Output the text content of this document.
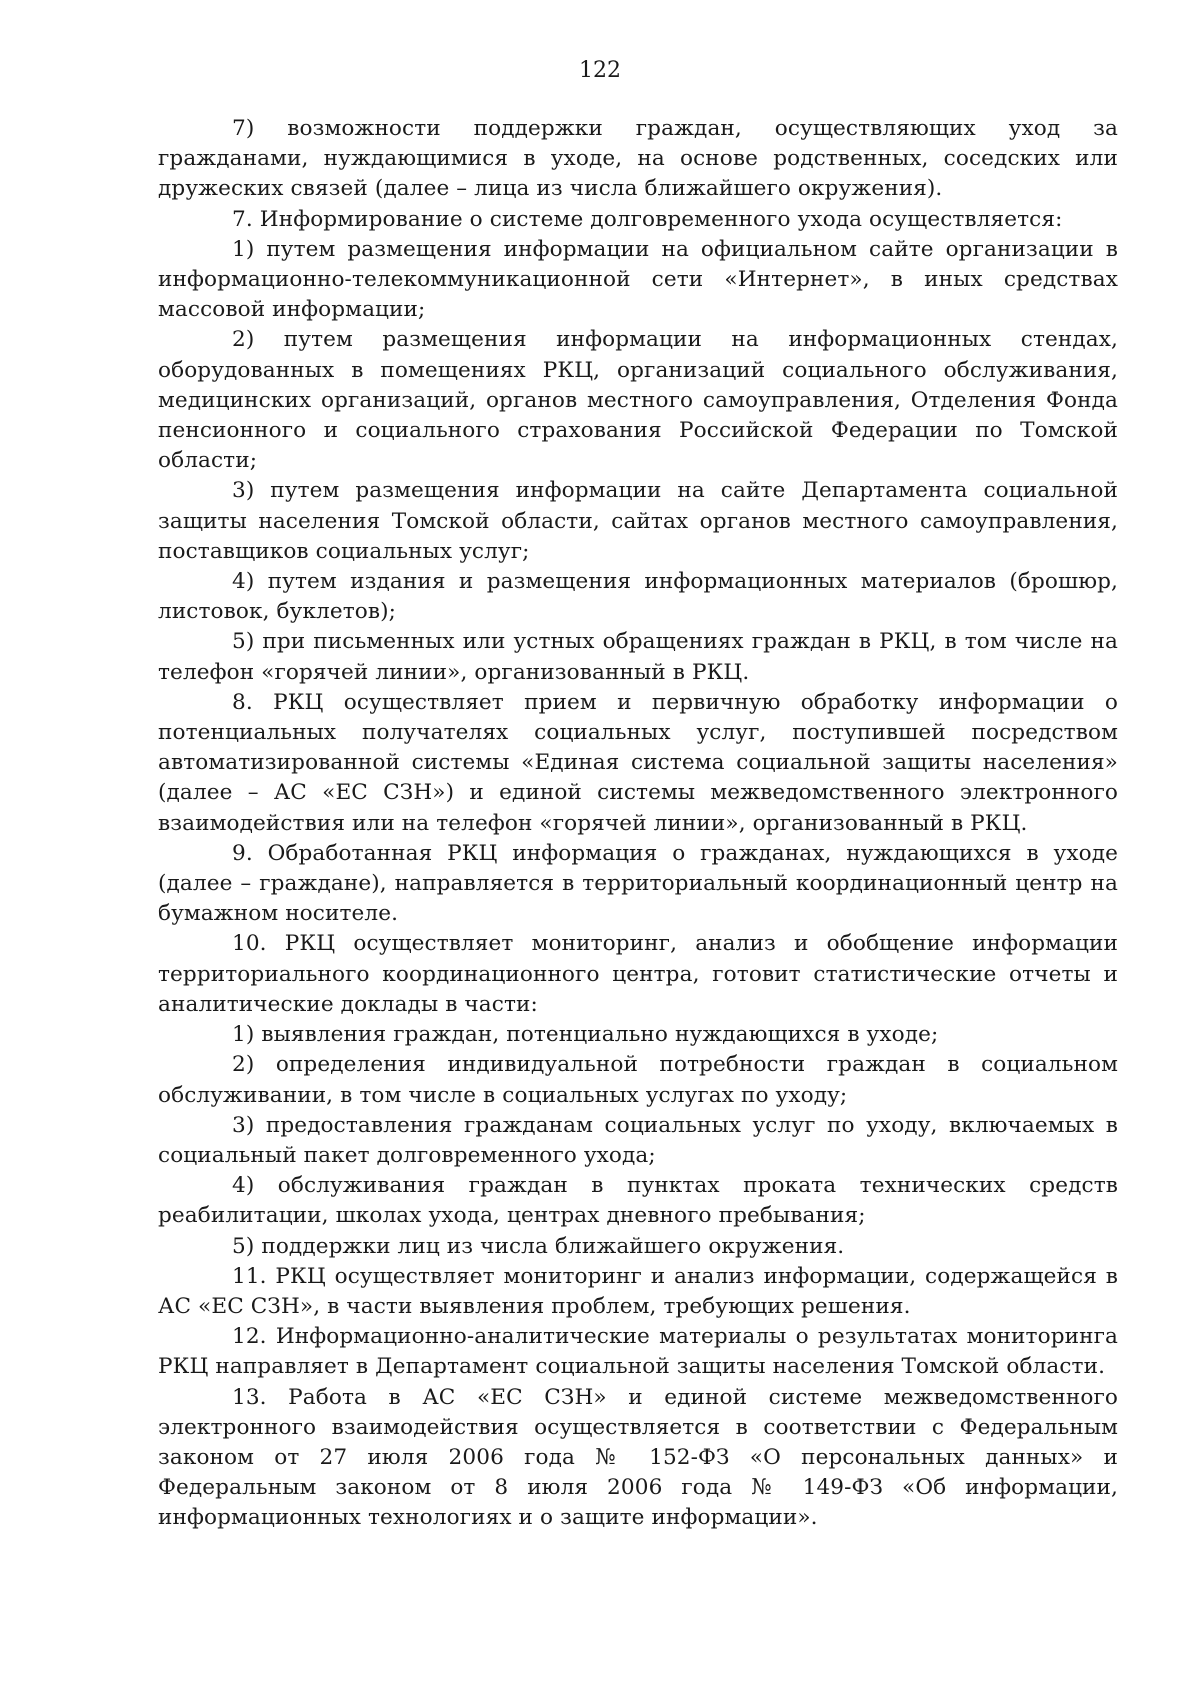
122

7) возможности поддержки граждан, осуществляющих уход за гражданами, нуждающимися в уходе, на основе родственных, соседских или дружеских связей (далее – лица из числа ближайшего окружения).

7. Информирование о системе долговременного ухода осуществляется:

1) путем размещения информации на официальном сайте организации в информационно-телекоммуникационной сети «Интернет», в иных средствах массовой информации;

2) путем размещения информации на информационных стендах, оборудованных в помещениях РКЦ, организаций социального обслуживания, медицинских организаций, органов местного самоуправления, Отделения Фонда пенсионного и социального страхования Российской Федерации по Томской области;

3) путем размещения информации на сайте Департамента социальной защиты населения Томской области, сайтах органов местного самоуправления, поставщиков социальных услуг;

4) путем издания и размещения информационных материалов (брошюр, листовок, буклетов);

5) при письменных или устных обращениях граждан в РКЦ, в том числе на телефон «горячей линии», организованный в РКЦ.

8. РКЦ осуществляет прием и первичную обработку информации о потенциальных получателях социальных услуг, поступившей посредством автоматизированной системы «Единая система социальной защиты населения» (далее – АС «ЕС СЗН») и единой системы межведомственного электронного взаимодействия или на телефон «горячей линии», организованный в РКЦ.

9. Обработанная РКЦ информация о гражданах, нуждающихся в уходе (далее – граждане), направляется в территориальный координационный центр на бумажном носителе.

10. РКЦ осуществляет мониторинг, анализ и обобщение информации территориального координационного центра, готовит статистические отчеты и аналитические доклады в части:

1) выявления граждан, потенциально нуждающихся в уходе;

2) определения индивидуальной потребности граждан в социальном обслуживании, в том числе в социальных услугах по уходу;

3) предоставления гражданам социальных услуг по уходу, включаемых в социальный пакет долговременного ухода;

4) обслуживания граждан в пунктах проката технических средств реабилитации, школах ухода, центрах дневного пребывания;

5) поддержки лиц из числа ближайшего окружения.

11. РКЦ осуществляет мониторинг и анализ информации, содержащейся в АС «ЕС СЗН», в части выявления проблем, требующих решения.

12. Информационно-аналитические материалы о результатах мониторинга РКЦ направляет в Департамент социальной защиты населения Томской области.

13. Работа в АС «ЕС СЗН» и единой системе межведомственного электронного взаимодействия осуществляется в соответствии с Федеральным законом от 27 июля 2006 года № 152-ФЗ «О персональных данных» и Федеральным законом от 8 июля 2006 года № 149-ФЗ «Об информации, информационных технологиях и о защите информации».
